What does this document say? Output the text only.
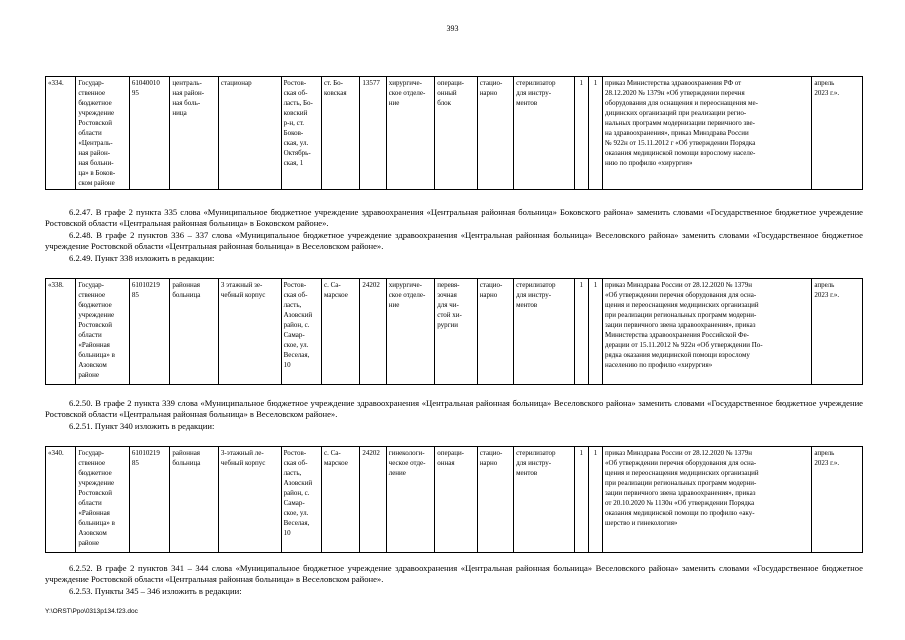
393
«334.	Государ-
ственное
бюджетное
учреждение
Ростовской
области
«Централь-
ная район-
ная больни-
ца» в Боков-
ском районе	61040010
95	централь-
ная район-
ная боль-
ница	стационар	Ростов-
ская об-
ласть, Бо-
ковский
р-н, ст.
Боков-
ская, ул.
Октябрь-
ская, 1	ст. Бо-
ковская	13577	хирургиче-
ское отделе-
ние	операци-
онный
блок	стацио-
нарно	стерилизатор
для инстру-
ментов	1	1	приказ Министерства здравоохранения РФ от
28.12.2020 № 1379н «Об утверждении перечня
оборудования для оснащения и переоснащения ме-
дицинских организаций при реализации регио-
нальных программ модернизации первичного зве-
на здравоохранения», приказ Минздрава России
№ 922н от 15.11.2012 г «Об утверждении Порядка
оказания медицинской помощи взрослому населе-
нию по профилю «хирургия»	апрель
2023 г.».

6.2.47. В графе 2 пункта 335 слова «Муниципальное бюджетное учреждение здравоохранения «Центральная районная больница» Боковского района» заменить словами «Государственное бюджетное учреждение Ростовской области «Центральная районная больница» в Боковском районе».

6.2.48. В графе 2 пунктов 336 – 337 слова «Муниципальное бюджетное учреждение здравоохранения «Центральная районная больница» Веселовского района» заменить словами «Государственное бюджетное учреждение Ростовской области «Центральная районная больница» в Веселовском районе».

6.2.49. Пункт 338 изложить в редакции:

«338.	Государ-
ственное
бюджетное
учреждение
Ростовской
области
«Районная
больница» в
Азовском
районе	61010219
85	районная
больница	3 этажный зе-
чебный корпус	Ростов-
ская об-
ласть,
Азовский
район, с.
Самар-
ское, ул.
Веселая,
10	с. Са-
марское	24202	хирургиче-
ское отделе-
ние	перевя-
зочная
для чи-
стой хи-
рургии	стацио-
нарно	стерилизатор
для инстру-
ментов	1	1	приказ Минздрава России от 28.12.2020 № 1379н
«Об утверждении перечня оборудования для осна-
щения и переоснащения медицинских организаций
при реализации региональных программ модерни-
зации первичного звена здравоохранения», приказ
Министерства здравоохранения Российской Фе-
дерации от 15.11.2012 № 922н «Об утверждении По-
рядка оказания медицинской помощи взрослому
населению по профилю «хирургия»	апрель
2023 г.».

6.2.50. В графе 2 пункта 339 слова «Муниципальное бюджетное учреждение здравоохранения «Центральная районная больница» Веселовского района» заменить словами «Государственное бюджетное учреждение Ростовской области «Центральная районная больница» в Веселовском районе».

6.2.51. Пункт 340 изложить в редакции:

«340.	Государ-
ственное
бюджетное
учреждение
Ростовской
области
«Районная
больница» в
Азовском
районе	61010219
85	районная
больница	3-этажный ле-
чебный корпус	Ростов-
ская об-
ласть,
Азовский
район, с.
Самар-
ское, ул.
Веселая,
10	с. Са-
марское	24202	гинекологи-
ческое отде-
ление	операци-
онная	стацио-
нарно	стерилизатор
для инстру-
ментов	1	1	приказ Минздрава России от 28.12.2020 № 1379н
«Об утверждении перечня оборудования для осна-
щения и переоснащения медицинских организаций
при реализации региональных программ модерни-
зации первичного звена здравоохранения», приказ
от 20.10.2020 № 1130н «Об утверждении Порядка
оказания медицинской помощи по профилю «аку-
шерство и гинекология»	апрель
2023 г.».

6.2.52. В графе 2 пунктов 341 – 344 слова «Муниципальное бюджетное учреждение здравоохранения «Центральная районная больница» Веселовского района» заменить словами «Государственное бюджетное учреждение Ростовской области «Центральная районная больница» в Веселовском районе».

6.2.53. Пункты 345 – 346 изложить в редакции:

Y:\ORST\Ppo\0313p134.f23.doc
